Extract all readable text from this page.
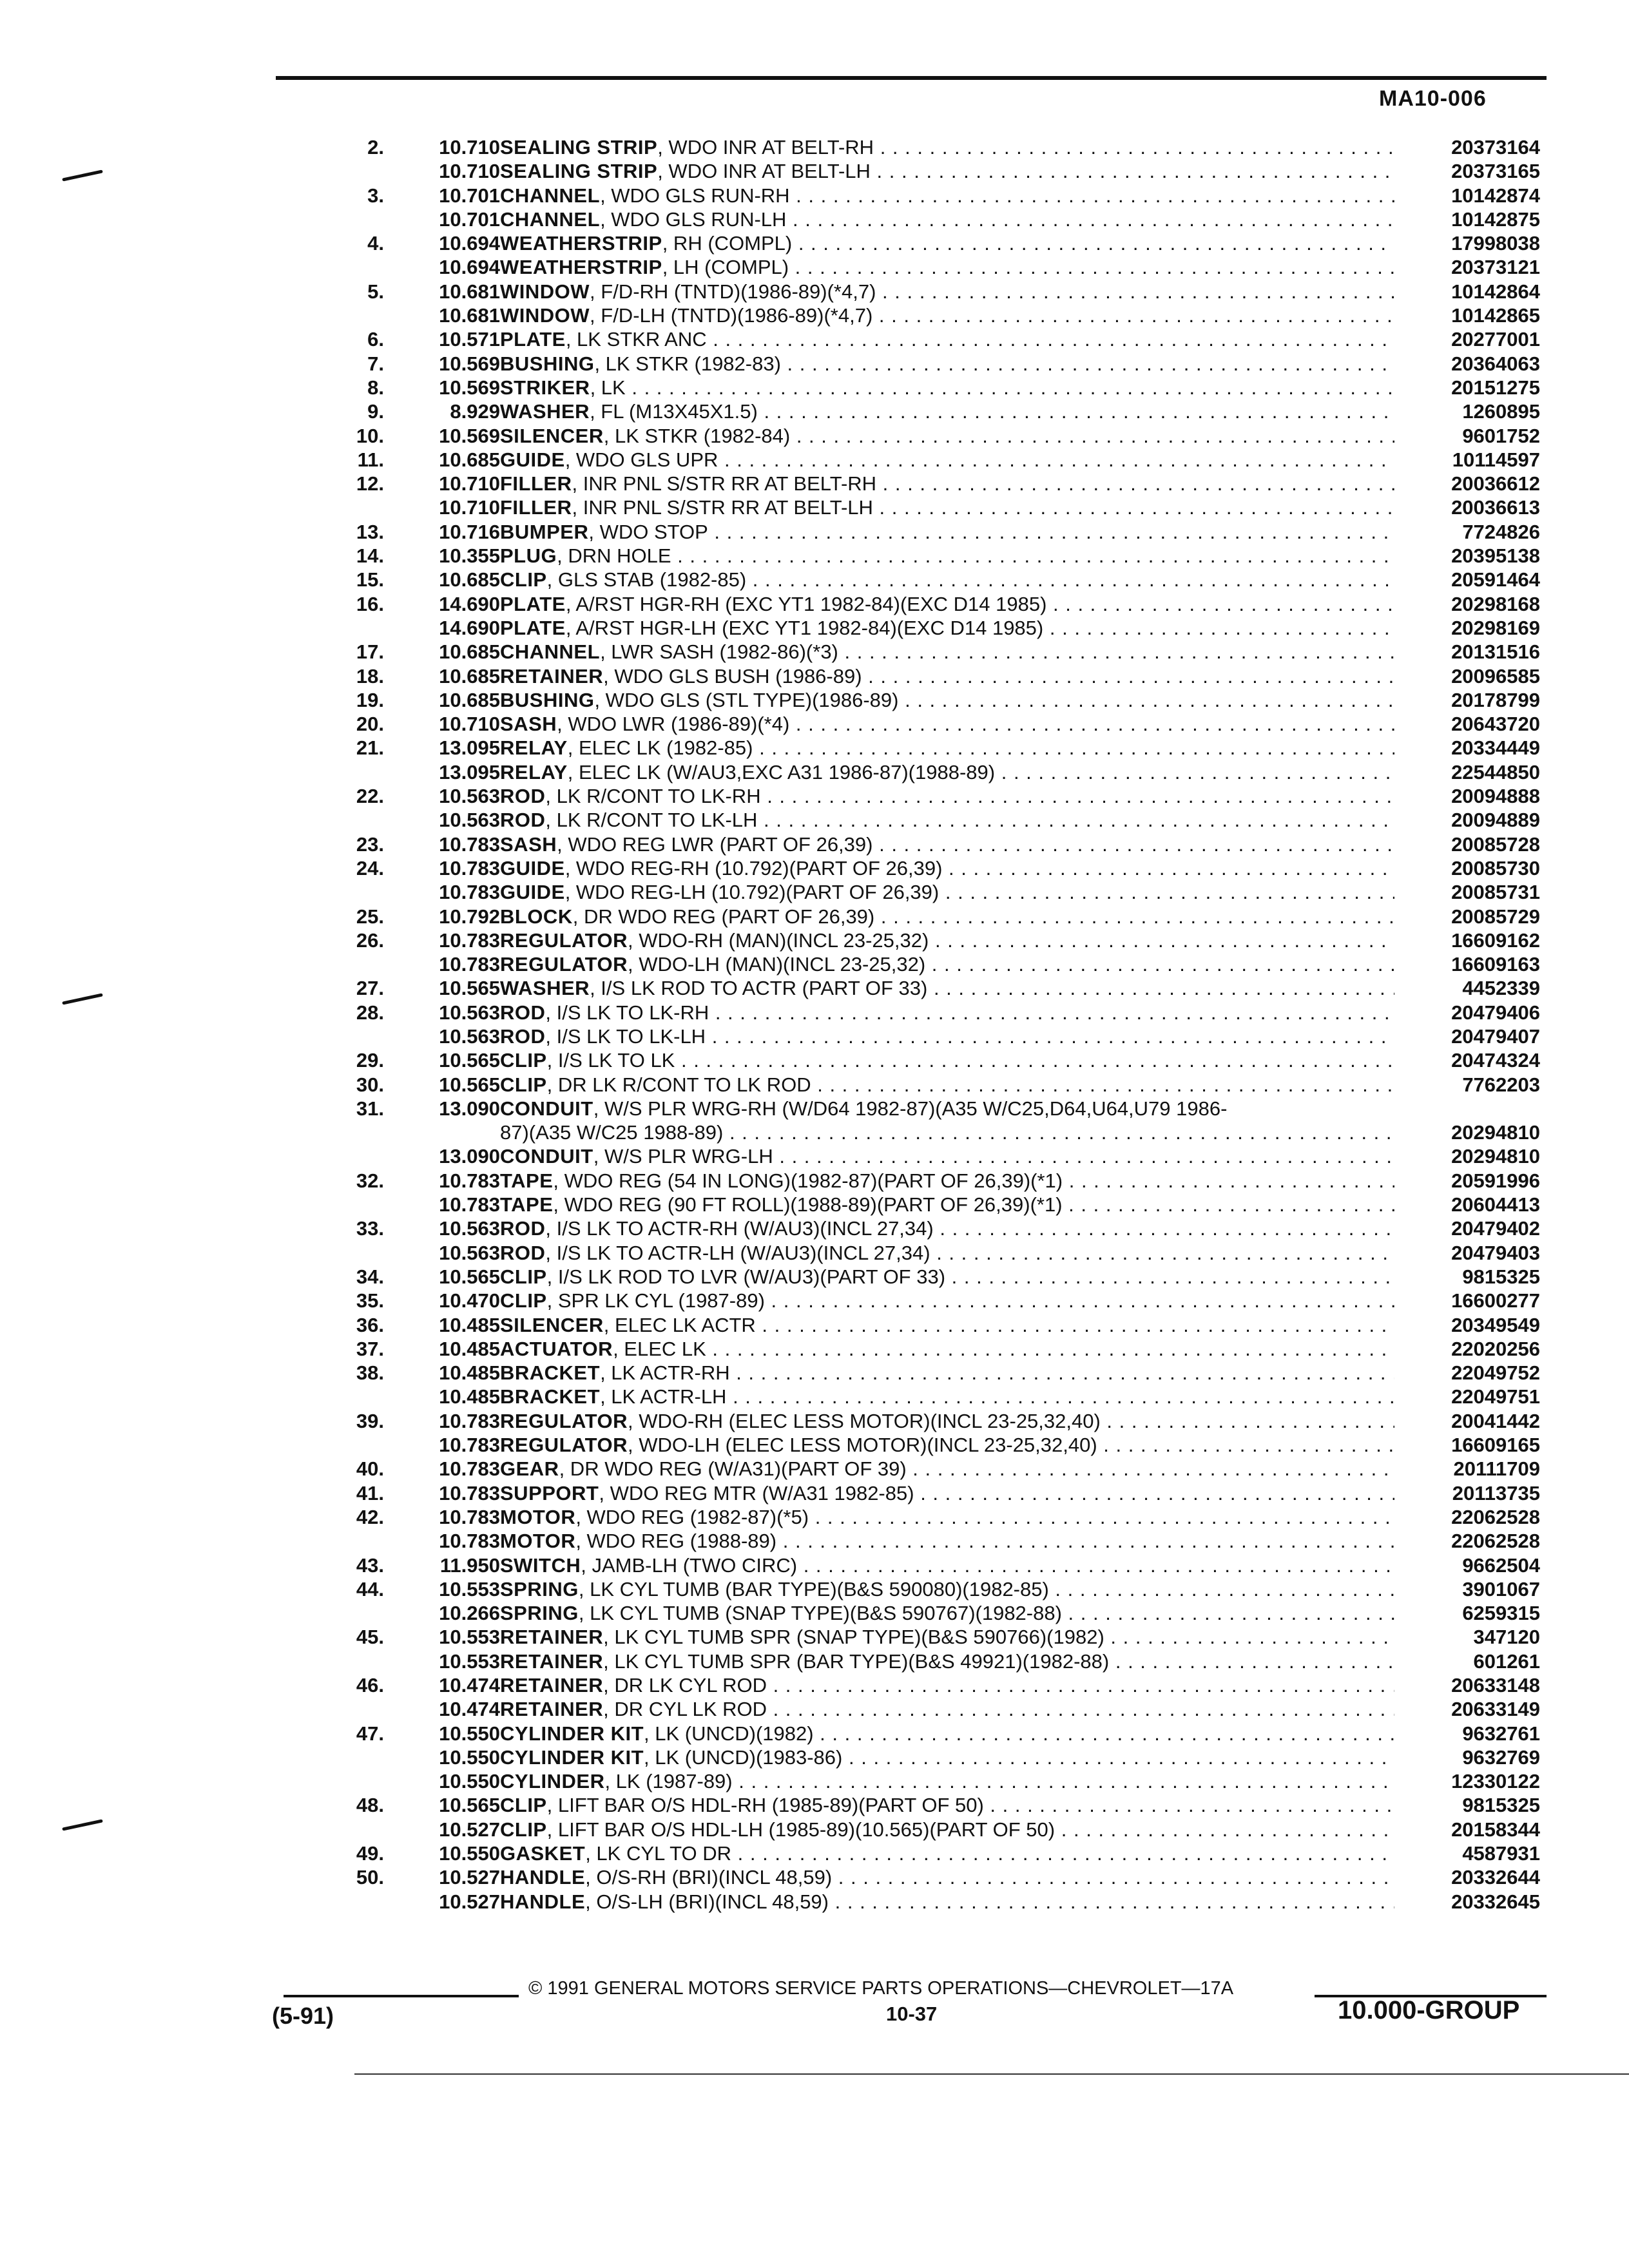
MA10-006
2.	10.710 SEALING STRIP, WDO INR AT BELT-RH . . .	20373164
10.710 SEALING STRIP, WDO INR AT BELT-LH . . .	20373165
3.	10.701 CHANNEL, WDO GLS RUN-RH . . .	10142874
10.701 CHANNEL, WDO GLS RUN-LH . . .	10142875
4.	10.694 WEATHERSTRIP, RH (COMPL) . . .	17998038
10.694 WEATHERSTRIP, LH (COMPL) . . .	20373121
5.	10.681 WINDOW, F/D-RH (TNTD)(1986-89)(*4,7) . . .	10142864
10.681 WINDOW, F/D-LH (TNTD)(1986-89)(*4,7) . . .	10142865
6.	10.571 PLATE, LK STKR ANC . . .	20277001
7.	10.569 BUSHING, LK STKR (1982-83) . . .	20364063
8.	10.569 STRIKER, LK . . .	20151275
9.	8.929 WASHER, FL (M13X45X1.5) . . .	1260895
10.	10.569 SILENCER, LK STKR (1982-84) . . .	9601752
11.	10.685 GUIDE, WDO GLS UPR . . .	10114597
12.	10.710 FILLER, INR PNL S/STR RR AT BELT-RH . . .	20036612
10.710 FILLER, INR PNL S/STR RR AT BELT-LH . . .	20036613
13.	10.716 BUMPER, WDO STOP . . .	7724826
14.	10.355 PLUG, DRN HOLE . . .	20395138
15.	10.685 CLIP, GLS STAB (1982-85) . . .	20591464
16.	14.690 PLATE, A/RST HGR-RH (EXC YT1 1982-84)(EXC D14 1985) . . .	20298168
14.690 PLATE, A/RST HGR-LH (EXC YT1 1982-84)(EXC D14 1985) . . .	20298169
17.	10.685 CHANNEL, LWR SASH (1982-86)(*3) . . .	20131516
18.	10.685 RETAINER, WDO GLS BUSH (1986-89) . . .	20096585
19.	10.685 BUSHING, WDO GLS (STL TYPE)(1986-89) . . .	20178799
20.	10.710 SASH, WDO LWR (1986-89)(*4) . . .	20643720
21.	13.095 RELAY, ELEC LK (1982-85) . . .	20334449
13.095 RELAY, ELEC LK (W/AU3,EXC A31 1986-87)(1988-89) . . .	22544850
22.	10.563 ROD, LK R/CONT TO LK-RH . . .	20094888
10.563 ROD, LK R/CONT TO LK-LH . . .	20094889
23.	10.783 SASH, WDO REG LWR (PART OF 26,39) . . .	20085728
24.	10.783 GUIDE, WDO REG-RH (10.792)(PART OF 26,39) . . .	20085730
10.783 GUIDE, WDO REG-LH (10.792)(PART OF 26,39) . . .	20085731
25.	10.792 BLOCK, DR WDO REG (PART OF 26,39) . . .	20085729
26.	10.783 REGULATOR, WDO-RH (MAN)(INCL 23-25,32) . . .	16609162
10.783 REGULATOR, WDO-LH (MAN)(INCL 23-25,32) . . .	16609163
27.	10.565 WASHER, I/S LK ROD TO ACTR (PART OF 33) . . .	4452339
28.	10.563 ROD, I/S LK TO LK-RH . . .	20479406
10.563 ROD, I/S LK TO LK-LH . . .	20479407
29.	10.565 CLIP, I/S LK TO LK . . .	20474324
30.	10.565 CLIP, DR LK R/CONT TO LK ROD . . .	7762203
31.	13.090 CONDUIT, W/S PLR WRG-RH (W/D64 1982-87)(A35 W/C25,D64,U64,U79 1986-
87)(A35 W/C25 1988-89) . . .	20294810
13.090 CONDUIT, W/S PLR WRG-LH . . .	20294810
32.	10.783 TAPE, WDO REG (54 IN LONG)(1982-87)(PART OF 26,39)(*1) . . .	20591996
10.783 TAPE, WDO REG (90 FT ROLL)(1988-89)(PART OF 26,39)(*1) . . .	20604413
33.	10.563 ROD, I/S LK TO ACTR-RH (W/AU3)(INCL 27,34) . . .	20479402
10.563 ROD, I/S LK TO ACTR-LH (W/AU3)(INCL 27,34) . . .	20479403
34.	10.565 CLIP, I/S LK ROD TO LVR (W/AU3)(PART OF 33) . . .	9815325
35.	10.470 CLIP, SPR LK CYL (1987-89) . . .	16600277
36.	10.485 SILENCER, ELEC LK ACTR . . .	20349549
37.	10.485 ACTUATOR, ELEC LK . . .	22020256
38.	10.485 BRACKET, LK ACTR-RH . . .	22049752
10.485 BRACKET, LK ACTR-LH . . .	22049751
39.	10.783 REGULATOR, WDO-RH (ELEC LESS MOTOR)(INCL 23-25,32,40) . . .	20041442
10.783 REGULATOR, WDO-LH (ELEC LESS MOTOR)(INCL 23-25,32,40) . . .	16609165
40.	10.783 GEAR, DR WDO REG (W/A31)(PART OF 39) . . .	20111709
41.	10.783 SUPPORT, WDO REG MTR (W/A31 1982-85) . . .	20113735
42.	10.783 MOTOR, WDO REG (1982-87)(*5) . . .	22062528
10.783 MOTOR, WDO REG (1988-89) . . .	22062528
43.	11.950 SWITCH, JAMB-LH (TWO CIRC) . . .	9662504
44.	10.553 SPRING, LK CYL TUMB (BAR TYPE)(B&S 590080)(1982-85) . . .	3901067
10.266 SPRING, LK CYL TUMB (SNAP TYPE)(B&S 590767)(1982-88) . . .	6259315
45.	10.553 RETAINER, LK CYL TUMB SPR (SNAP TYPE)(B&S 590766)(1982) . . .	347120
10.553 RETAINER, LK CYL TUMB SPR (BAR TYPE)(B&S 49921)(1982-88) . . .	601261
46.	10.474 RETAINER, DR LK CYL ROD . . .	20633148
10.474 RETAINER, DR CYL LK ROD . . .	20633149
47.	10.550 CYLINDER KIT, LK (UNCD)(1982) . . .	9632761
10.550 CYLINDER KIT, LK (UNCD)(1983-86) . . .	9632769
10.550 CYLINDER, LK (1987-89) . . .	12330122
48.	10.565 CLIP, LIFT BAR O/S HDL-RH (1985-89)(PART OF 50) . . .	9815325
10.527 CLIP, LIFT BAR O/S HDL-LH (1985-89)(10.565)(PART OF 50) . . .	20158344
49.	10.550 GASKET, LK CYL TO DR . . .	4587931
50.	10.527 HANDLE, O/S-RH (BRI)(INCL 48,59) . . .	20332644
10.527 HANDLE, O/S-LH (BRI)(INCL 48,59) . . .	20332645
© 1991 GENERAL MOTORS SERVICE PARTS OPERATIONS—CHEVROLET—17A
(5-91)	10-37	10.000-GROUP
